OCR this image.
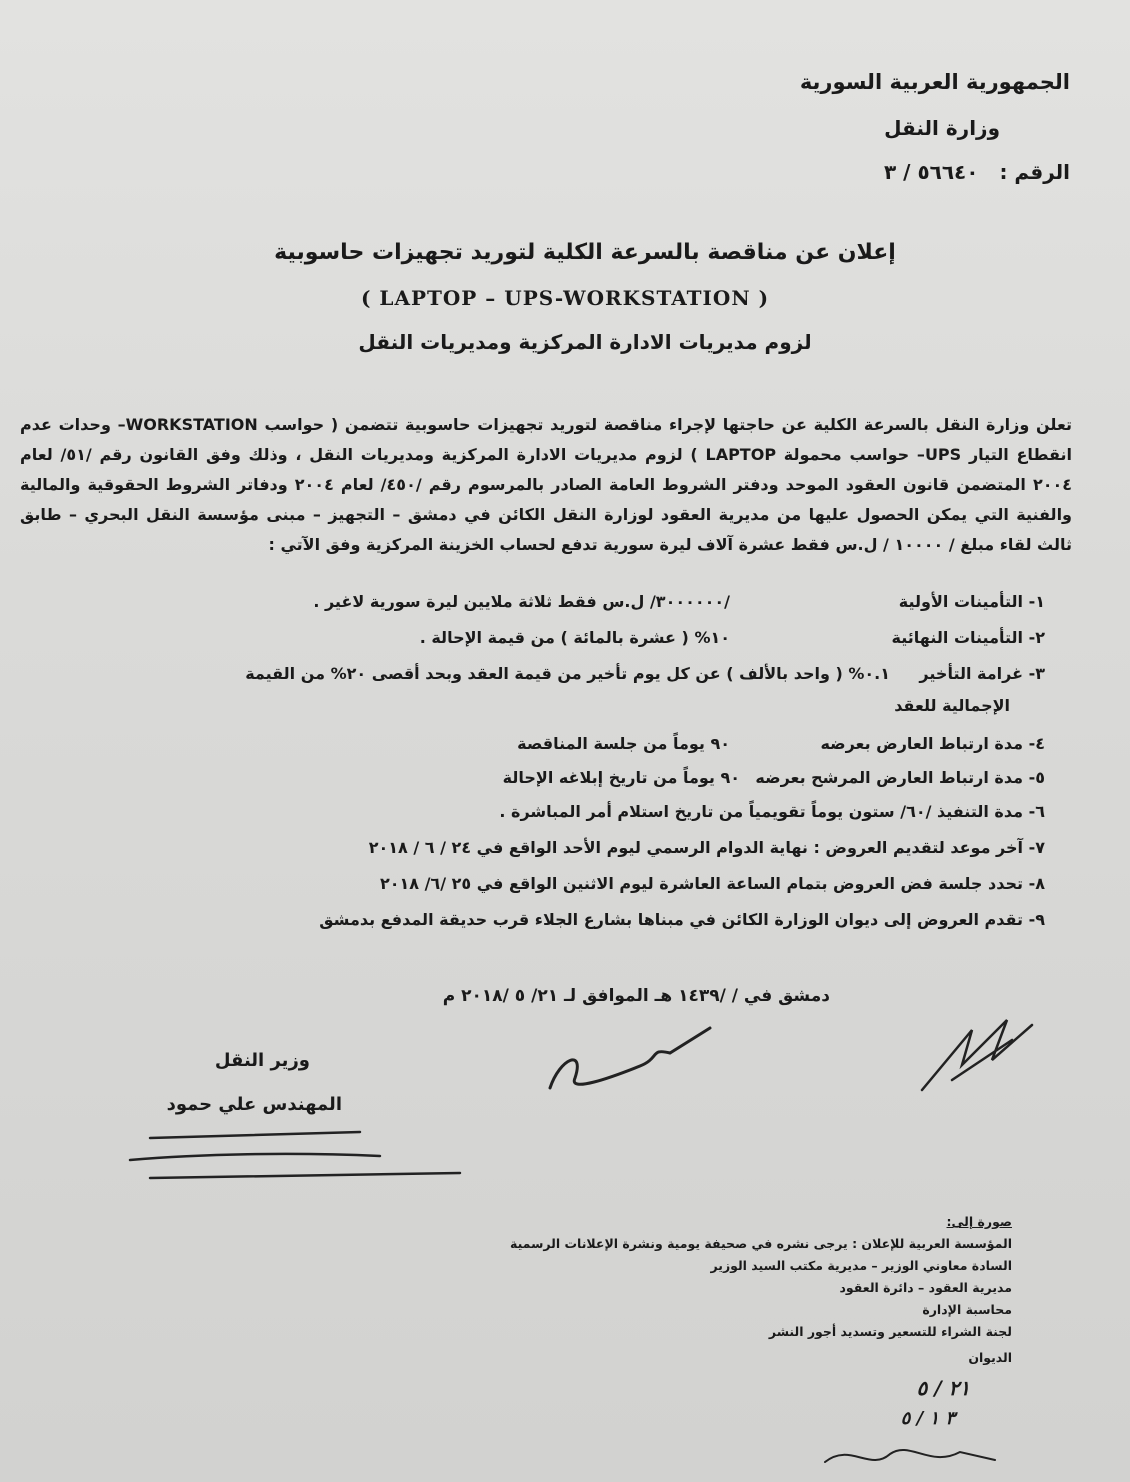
الجمهورية العربية السورية
وزارة النقل
الرقم : ٥٦٦٤٠ / ٣
إعلان عن مناقصة بالسرعة الكلية لتوريد تجهيزات حاسوبية
( LAPTOP – UPS-WORKSTATION )
لزوم مديريات الادارة المركزية ومديريات النقل
تعلن وزارة النقل بالسرعة الكلية عن حاجتها لإجراء مناقصة لتوريد تجهيزات حاسوبية تتضمن ( حواسب WORKSTATION– وحدات عدم انقطاع التيار UPS– حواسب محمولة LAPTOP ) لزوم مديريات الادارة المركزية ومديريات النقل ، وذلك وفق القانون رقم /٥١/ لعام ٢٠٠٤ المتضمن قانون العقود الموحد ودفتر الشروط العامة الصادر بالمرسوم رقم /٤٥٠/ لعام ٢٠٠٤ ودفاتر الشروط الحقوقية والمالية والفنية التي يمكن الحصول عليها من مديرية العقود لوزارة النقل الكائن في دمشق – التجهيز – مبنى مؤسسة النقل البحري – طابق ثالث لقاء مبلغ / ١٠٠٠٠ / ل.س فقط عشرة آلاف ليرة سورية تدفع لحساب الخزينة المركزية وفق الآتي :
١- التأمينات الأولية
/٣٠٠٠٠٠٠/ ل.س فقط ثلاثة ملايين ليرة سورية لاغير .
٢- التأمينات النهائية
١٠% ( عشرة بالمائة ) من قيمة الإحالة .
٣- غرامة التأخير
٠.١% ( واحد بالألف ) عن كل يوم تأخير من قيمة العقد وبحد أقصى ٢٠% من القيمة
الإجمالية للعقد
٤- مدة ارتباط العارض بعرضه
٩٠ يوماً من جلسة المناقصة
٥- مدة ارتباط العارض المرشح بعرضه
٩٠ يوماً من تاريخ إبلاغه الإحالة
٦- مدة التنفيذ /٦٠/ ستون يوماً تقويمياً من تاريخ استلام أمر المباشرة .
٧- آخر موعد لتقديم العروض : نهاية الدوام الرسمي ليوم الأحد الواقع في ٢٤ / ٦ / ٢٠١٨
٨- تحدد جلسة فض العروض بتمام الساعة العاشرة ليوم الاثنين الواقع في ٢٥ /٦/ ٢٠١٨
٩- تقدم العروض إلى ديوان الوزارة الكائن في مبناها بشارع الجلاء قرب حديقة المدفع بدمشق
دمشق في / /١٤٣٩ هـ الموافق لـ ٢١/ ٥ /٢٠١٨ م
وزير النقل
المهندس علي حمود
صورة إلى:
المؤسسة العربية للإعلان : يرجى نشره في صحيفة يومية ونشرة الإعلانات الرسمية
السادة معاوني الوزير – مديرية مكتب السيد الوزير
مديرية العقود – دائرة العقود
محاسبة الإدارة
لجنة الشراء للتسعير وتسديد أجور النشر
الديوان
٢١ / ٥
٣ ١ / ٥
